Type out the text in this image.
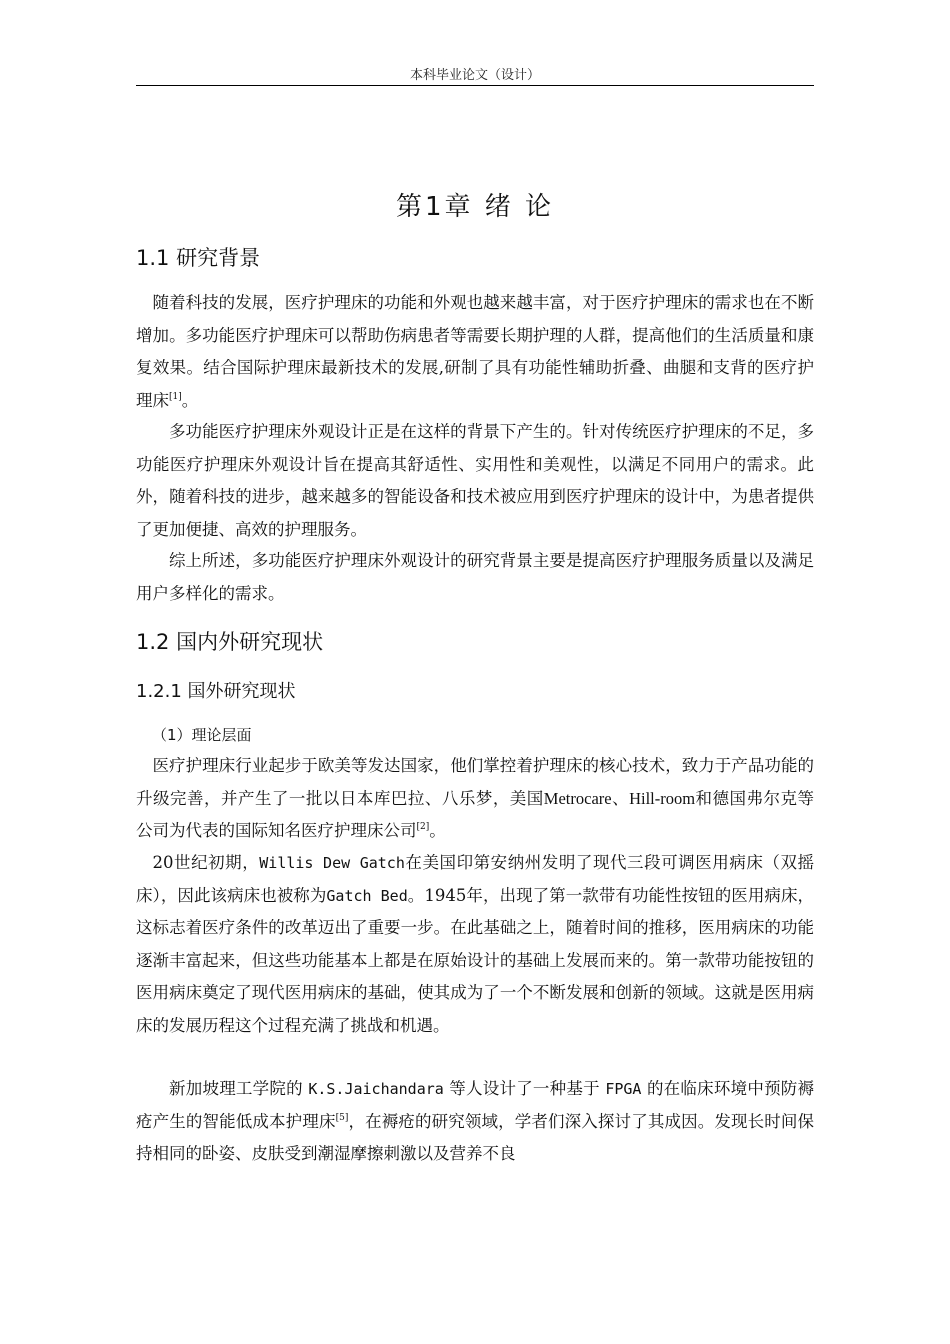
本科毕业论文（设计）
第1章 绪 论
1.1 研究背景

随着科技的发展，医疗护理床的功能和外观也越来越丰富，对于医疗护理床的需求也在不断增加。多功能医疗护理床可以帮助伤病患者等需要长期护理的人群，提高他们的生活质量和康复效果。结合国际护理床最新技术的发展,研制了具有功能性辅助折叠、曲腿和支背的医疗护理床[1]。

多功能医疗护理床外观设计正是在这样的背景下产生的。针对传统医疗护理床的不足，多功能医疗护理床外观设计旨在提高其舒适性、实用性和美观性，以满足不同用户的需求。此外，随着科技的进步，越来越多的智能设备和技术被应用到医疗护理床的设计中，为患者提供了更加便捷、高效的护理服务。

综上所述，多功能医疗护理床外观设计的研究背景主要是提高医疗护理服务质量以及满足用户多样化的需求。

1.2 国内外研究现状
1.2.1 国外研究现状
（1）理论层面

医疗护理床行业起步于欧美等发达国家，他们掌控着护理床的核心技术，致力于产品功能的升级完善，并产生了一批以日本库巴拉、八乐梦，美国Metrocare、Hill-room和德国弗尔克等公司为代表的国际知名医疗护理床公司[2]。

20世纪初期，Willis Dew Gatch在美国印第安纳州发明了现代三段可调医用病床（双摇床），因此该病床也被称为Gatch Bed。1945年，出现了第一款带有功能性按钮的医用病床，这标志着医疗条件的改革迈出了重要一步。在此基础之上，随着时间的推移，医用病床的功能逐渐丰富起来，但这些功能基本上都是在原始设计的基础上发展而来的。第一款带功能按钮的医用病床奠定了现代医用病床的基础，使其成为了一个不断发展和创新的领域。这就是医用病床的发展历程这个过程充满了挑战和机遇。

新加坡理工学院的 K.S.Jaichandara 等人设计了一种基于 FPGA 的在临床环境中预防褥疮产生的智能低成本护理床[5]，在褥疮的研究领域，学者们深入探讨了其成因。发现长时间保持相同的卧姿、皮肤受到潮湿摩擦刺激以及营养不良
